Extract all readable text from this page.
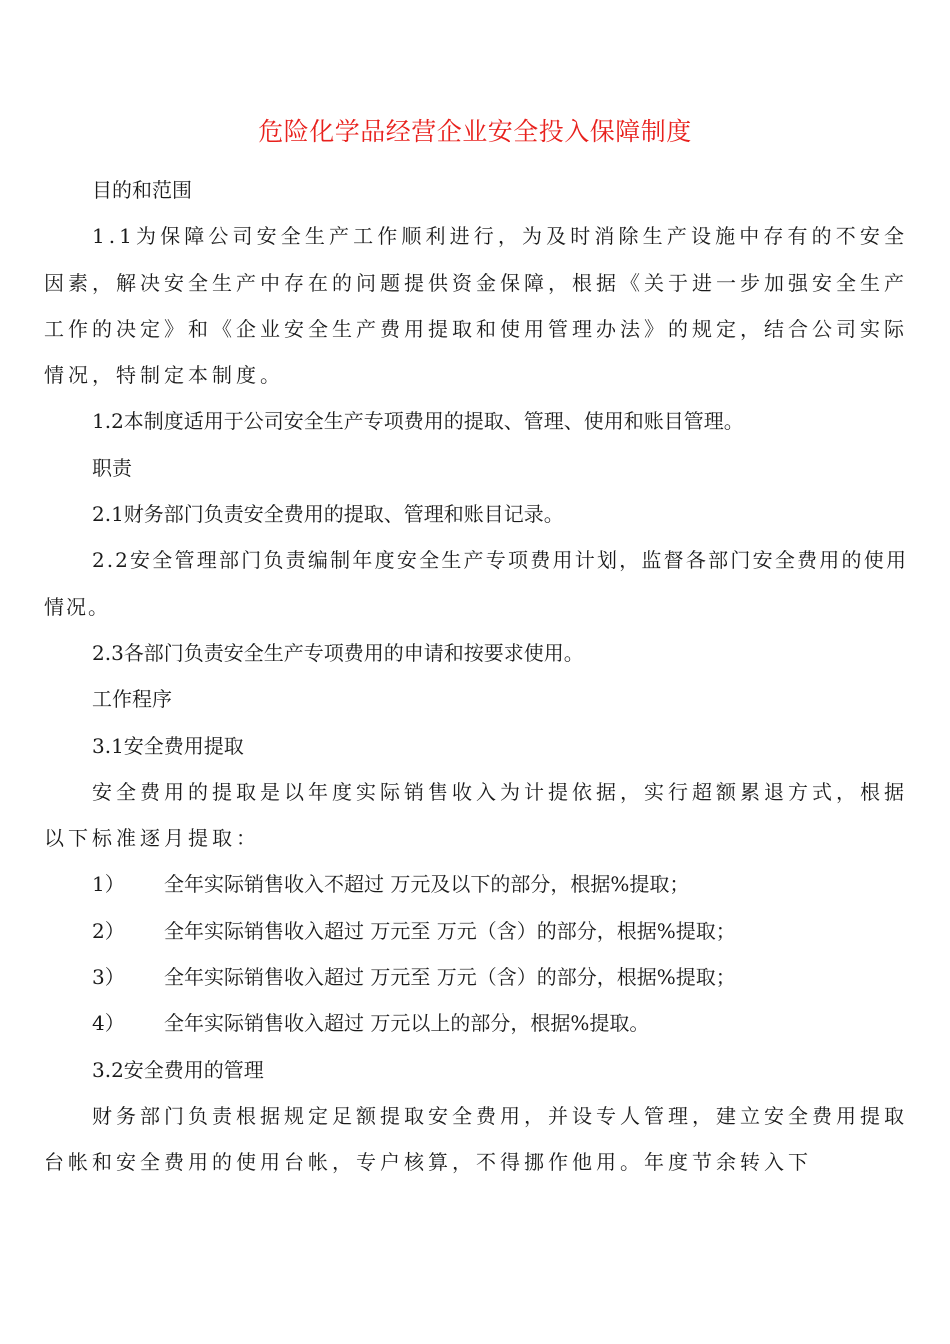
危险化学品经营企业安全投入保障制度

目的和范围

1.1为保障公司安全生产工作顺利进行，为及时消除生产设施中存有的不安全因素，解决安全生产中存在的问题提供资金保障，根据《关于进一步加强安全生产工作的决定》和《企业安全生产费用提取和使用管理办法》的规定，结合公司实际情况，特制定本制度。

1.2本制度适用于公司安全生产专项费用的提取、管理、使用和账目管理。

职责

2.1财务部门负责安全费用的提取、管理和账目记录。

2.2安全管理部门负责编制年度安全生产专项费用计划，监督各部门安全费用的使用情况。

2.3各部门负责安全生产专项费用的申请和按要求使用。

工作程序

3.1安全费用提取

安全费用的提取是以年度实际销售收入为计提依据，实行超额累退方式，根据以下标准逐月提取：

1）	全年实际销售收入不超过 万元及以下的部分，根据%提取；
2）	全年实际销售收入超过 万元至 万元（含）的部分，根据%提取；
3）	全年实际销售收入超过 万元至 万元（含）的部分，根据%提取；
4）	全年实际销售收入超过 万元以上的部分，根据%提取。

3.2安全费用的管理

财务部门负责根据规定足额提取安全费用，并设专人管理，建立安全费用提取台帐和安全费用的使用台帐，专户核算，不得挪作他用。年度节余转入下
